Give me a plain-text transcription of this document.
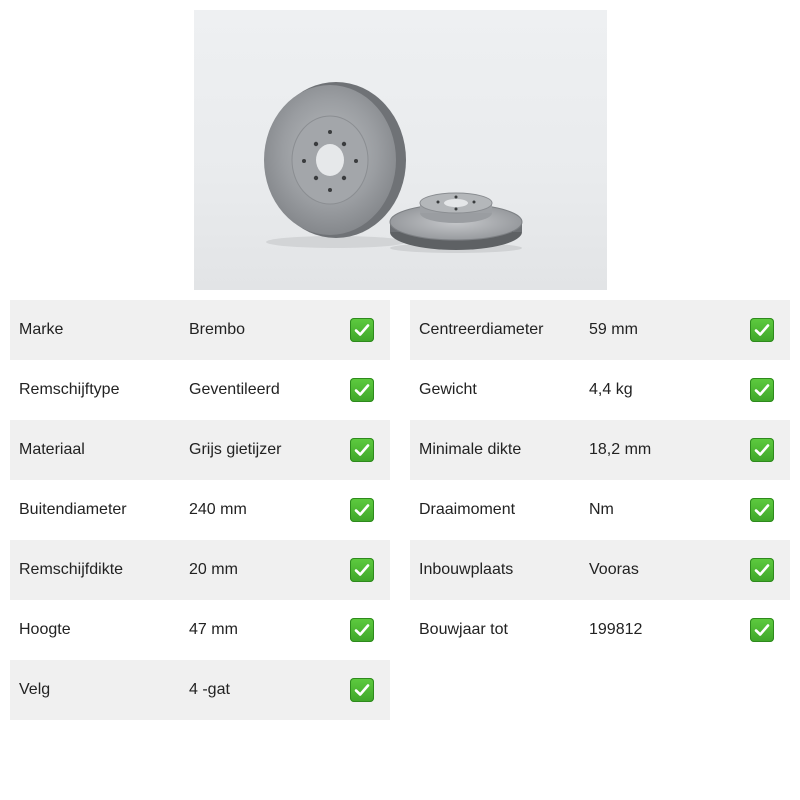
Marke	Brembo
Remschijftype	Geventileerd
Materiaal	Grijs gietijzer
Buitendiameter	240 mm
Remschijfdikte	20 mm
Hoogte	47 mm
Velg	4 -gat
Centreerdiameter	59 mm
Gewicht	4,4 kg
Minimale dikte	18,2 mm
Draaimoment	Nm
Inbouwplaats	Vooras
Bouwjaar tot	199812
